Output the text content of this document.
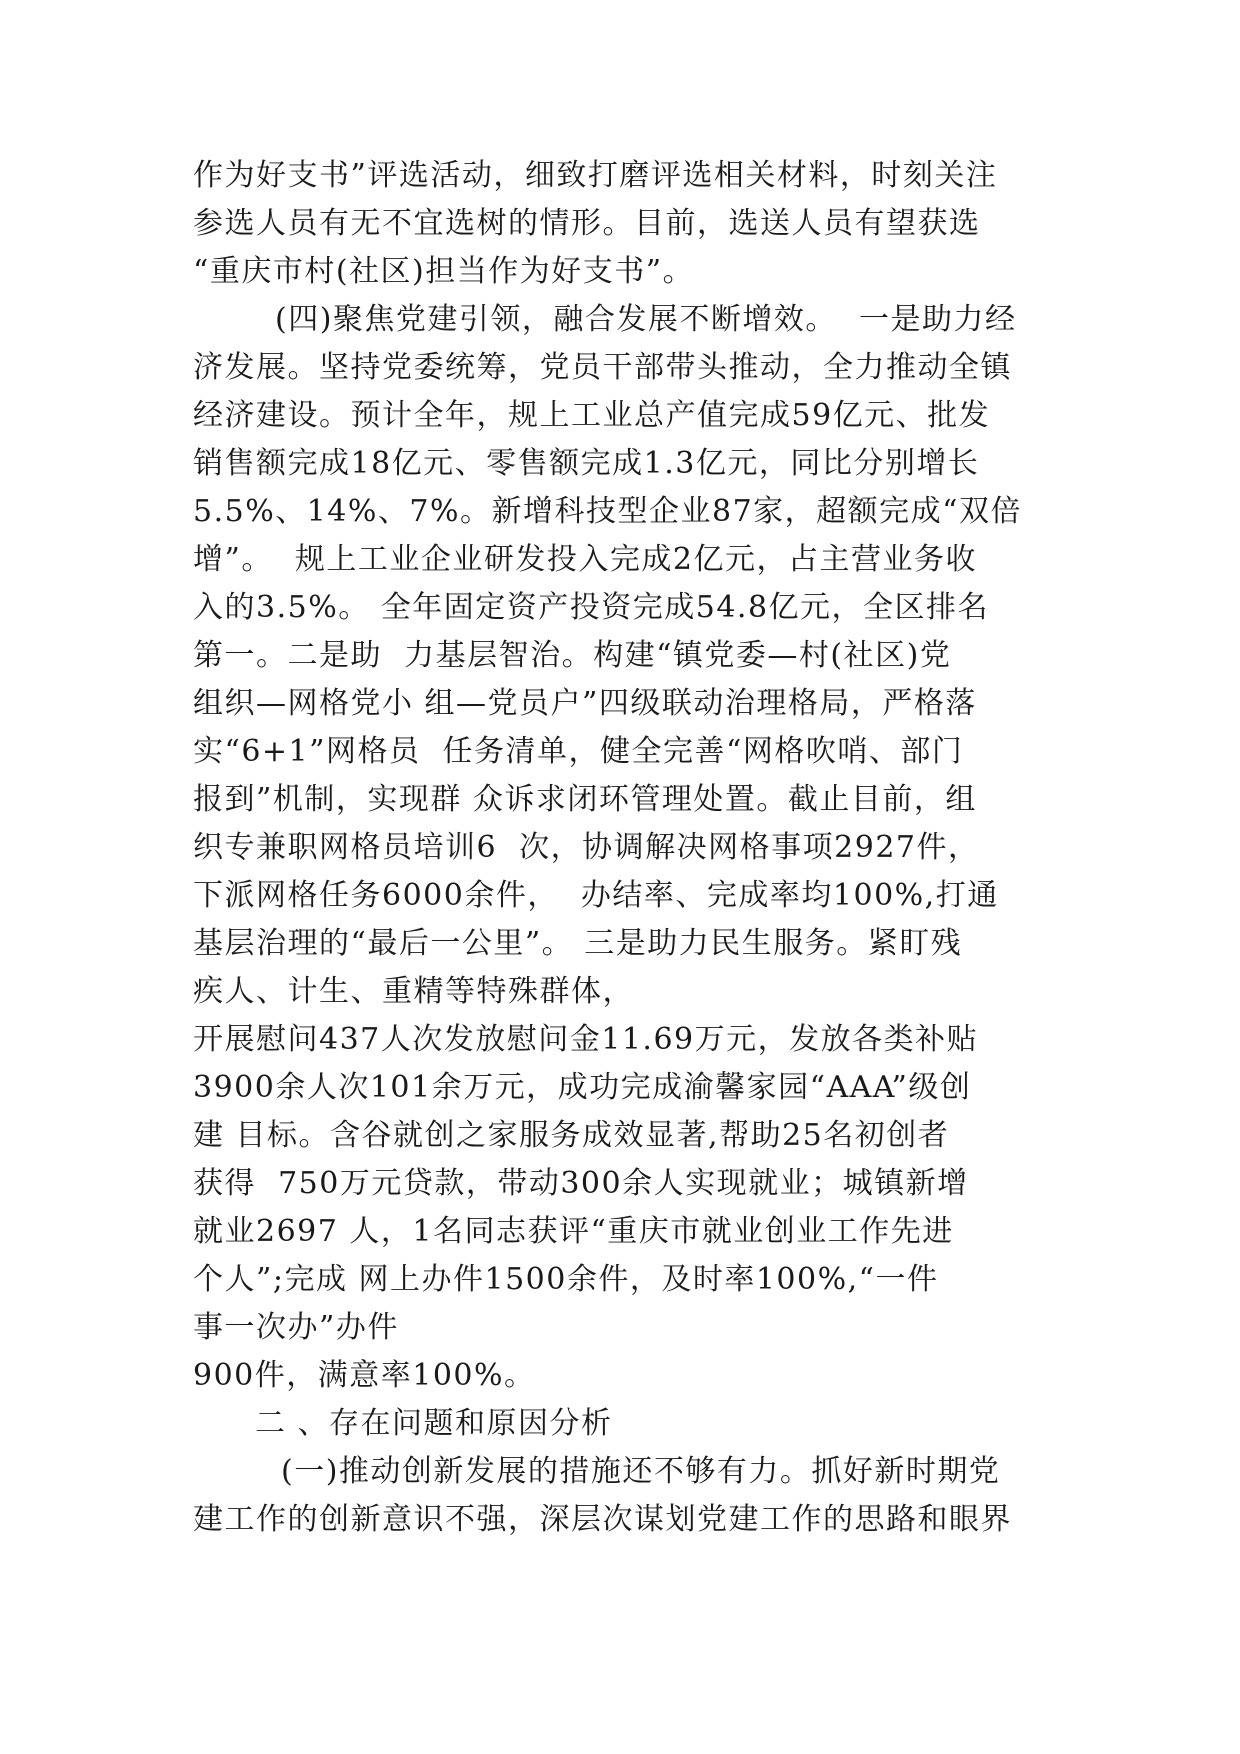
作为好支书”评选活动，细致打磨评选相关材料，时刻关注
参选人员有无不宜选树的情形。目前，选送人员有望获选
“重庆市村(社区)担当作为好支书”。
(四)聚焦党建引领，融合发展不断增效。  一是助力经
济发展。坚持党委统筹，党员干部带头推动，全力推动全镇
经济建设。预计全年，规上工业总产值完成59亿元、批发
销售额完成18亿元、零售额完成1.3亿元，同比分别增长
5.5%、14%、7%。新增科技型企业87家，超额完成“双倍
增”。  规上工业企业研发投入完成2亿元，占主营业务收
入的3.5%。 全年固定资产投资完成54.8亿元，全区排名
第一。二是助  力基层智治。构建“镇党委—村(社区)党
组织—网格党小 组—党员户”四级联动治理格局，严格落
实“6+1”网格员  任务清单，健全完善“网格吹哨、部门
报到”机制，实现群 众诉求闭环管理处置。截止目前，组
织专兼职网格员培训6  次，协调解决网格事项2927件，
下派网格任务6000余件，  办结率、完成率均100%,打通
基层治理的“最后一公里”。 三是助力民生服务。紧盯残
疾人、计生、重精等特殊群体，
开展慰问437人次发放慰问金11.69万元，发放各类补贴
3900余人次101余万元，成功完成渝馨家园“AAA”级创
建 目标。含谷就创之家服务成效显著,帮助25名初创者
获得  750万元贷款，带动300余人实现就业；城镇新增
就业2697 人，1名同志获评“重庆市就业创业工作先进
个人”;完成 网上办件1500余件，及时率100%,“一件
事一次办”办件
900件，满意率100%。
二 、存在问题和原因分析
(一)推动创新发展的措施还不够有力。抓好新时期党
建工作的创新意识不强，深层次谋划党建工作的思路和眼界
